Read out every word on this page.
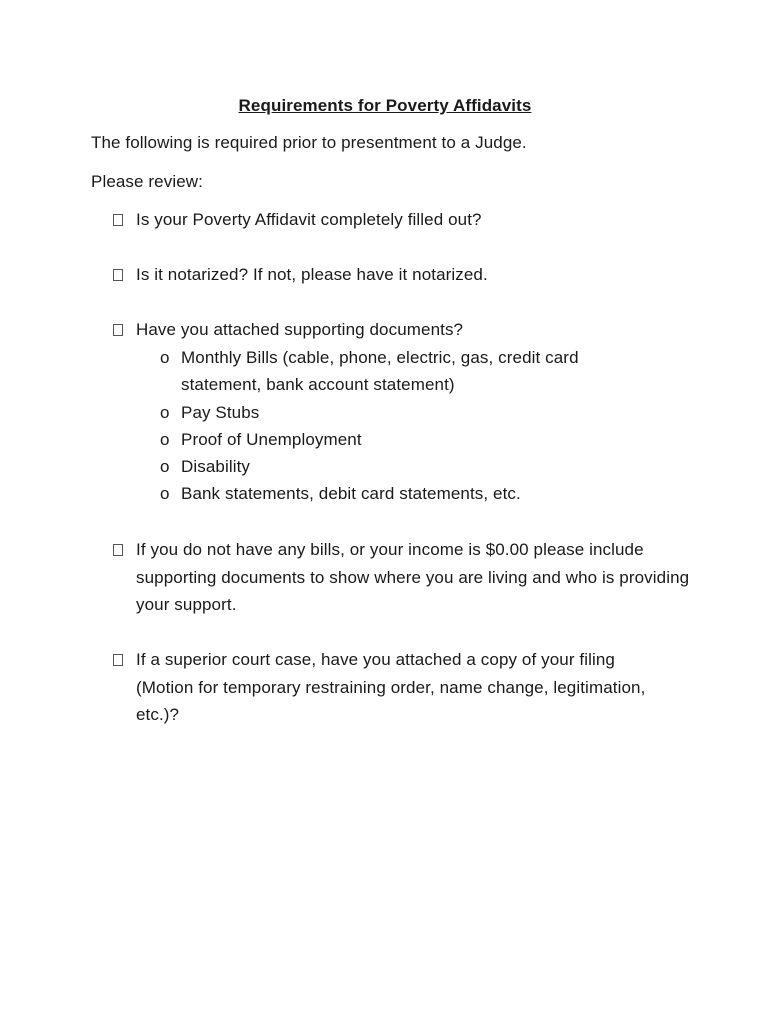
Requirements for Poverty Affidavits
The following is required prior to presentment to a Judge.
Please review:
Is your Poverty Affidavit completely filled out?
Is it notarized? If not, please have it notarized.
Have you attached supporting documents?
o Monthly Bills (cable, phone, electric, gas, credit card statement, bank account statement)
o Pay Stubs
o Proof of Unemployment
o Disability
o Bank statements, debit card statements, etc.
If you do not have any bills, or your income is $0.00 please include supporting documents to show where you are living and who is providing your support.
If a superior court case, have you attached a copy of your filing (Motion for temporary restraining order, name change, legitimation, etc.)?
